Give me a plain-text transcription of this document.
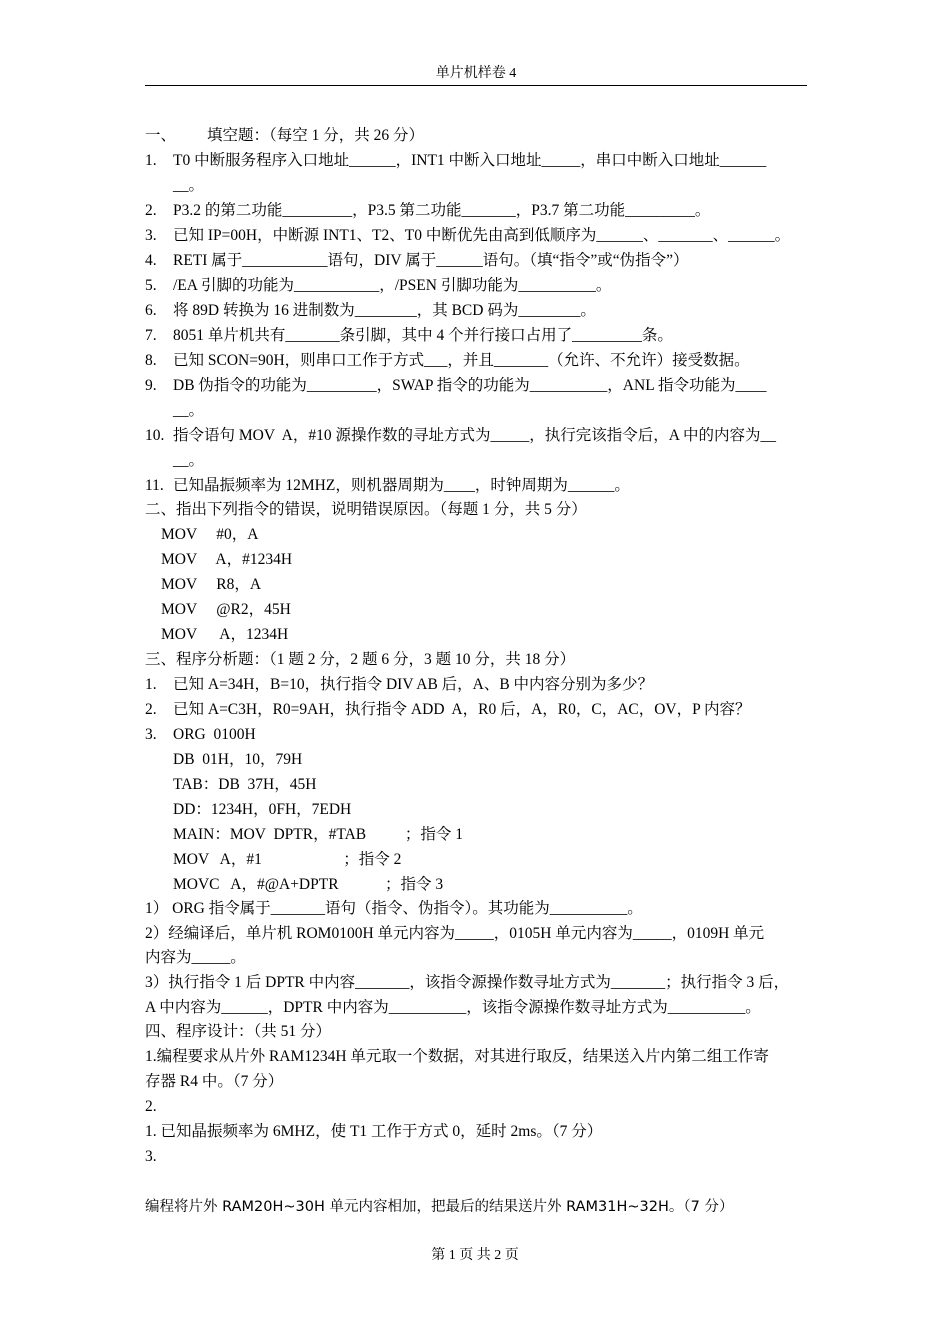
单片机样卷 4
一、        填空题：（每空 1 分，共 26 分）
1. T0 中断服务程序入口地址______，INT1 中断入口地址_____，串口中断入口地址______
__。
2. P3.2 的第二功能_________，P3.5 第二功能_______，P3.7 第二功能_________。
3. 已知 IP=00H，中断源 INT1、T2、T0 中断优先由高到低顺序为______、_______、______。
4. RETI 属于___________语句，DIV 属于______语句。（填“指令”或“伪指令”）
5. /EA 引脚的功能为___________，/PSEN 引脚功能为__________。
6. 将 89D 转换为 16 进制数为________，其 BCD 码为________。
7. 8051 单片机共有_______条引脚，其中 4 个并行接口占用了_________条。
8. 已知 SCON=90H，则串口工作于方式___，并且_______（允许、不允许）接受数据。
9. DB 伪指令的功能为_________，SWAP 指令的功能为__________，ANL 指令功能为____
__。
10. 指令语句 MOV  A，#10 源操作数的寻址方式为_____，执行完该指令后，A 中的内容为__
__。
11. 已知晶振频率为 12MHZ，则机器周期为____，时钟周期为______。
二、指出下列指令的错误，说明错误原因。（每题 1 分，共 5 分）
MOV     #0，A
MOV     A，#1234H
MOV     R8，A
MOV     @R2，45H
MOV      A，1234H
三、程序分析题：（1 题 2 分，2 题 6 分，3 题 10 分，共 18 分）
1. 已知 A=34H，B=10，执行指令 DIV AB 后，A、B 中内容分别为多少？
2. 已知 A=C3H，R0=9AH，执行指令 ADD  A，R0 后，A，R0，C，AC，OV，P 内容？
3. ORG  0100H
DB  01H，10，79H
TAB：DB  37H，45H
DD：1234H，0FH，7EDH
MAIN：MOV  DPTR，#TAB          ；指令 1
MOV   A，#1                     ；指令 2
MOVC   A，#@A+DPTR            ；指令 3
1） ORG 指令属于_______语句（指令、伪指令）。其功能为__________。
2）经编译后，单片机 ROM0100H 单元内容为_____，0105H 单元内容为_____，0109H 单元
内容为_____。
3）执行指令 1 后 DPTR 中内容_______，该指令源操作数寻址方式为_______；执行指令 3 后，
A 中内容为______，DPTR 中内容为__________，该指令源操作数寻址方式为__________。
四、程序设计：（共 51 分）
1.编程要求从片外 RAM1234H 单元取一个数据，对其进行取反，结果送入片内第二组工作寄
存器 R4 中。（7 分）
2.
1. 已知晶振频率为 6MHZ，使 T1 工作于方式 0，延时 2ms。（7 分）
3.
编程将片外 RAM20H~30H 单元内容相加，把最后的结果送片外 RAM31H~32H。（7 分）
第 1 页 共 2 页
